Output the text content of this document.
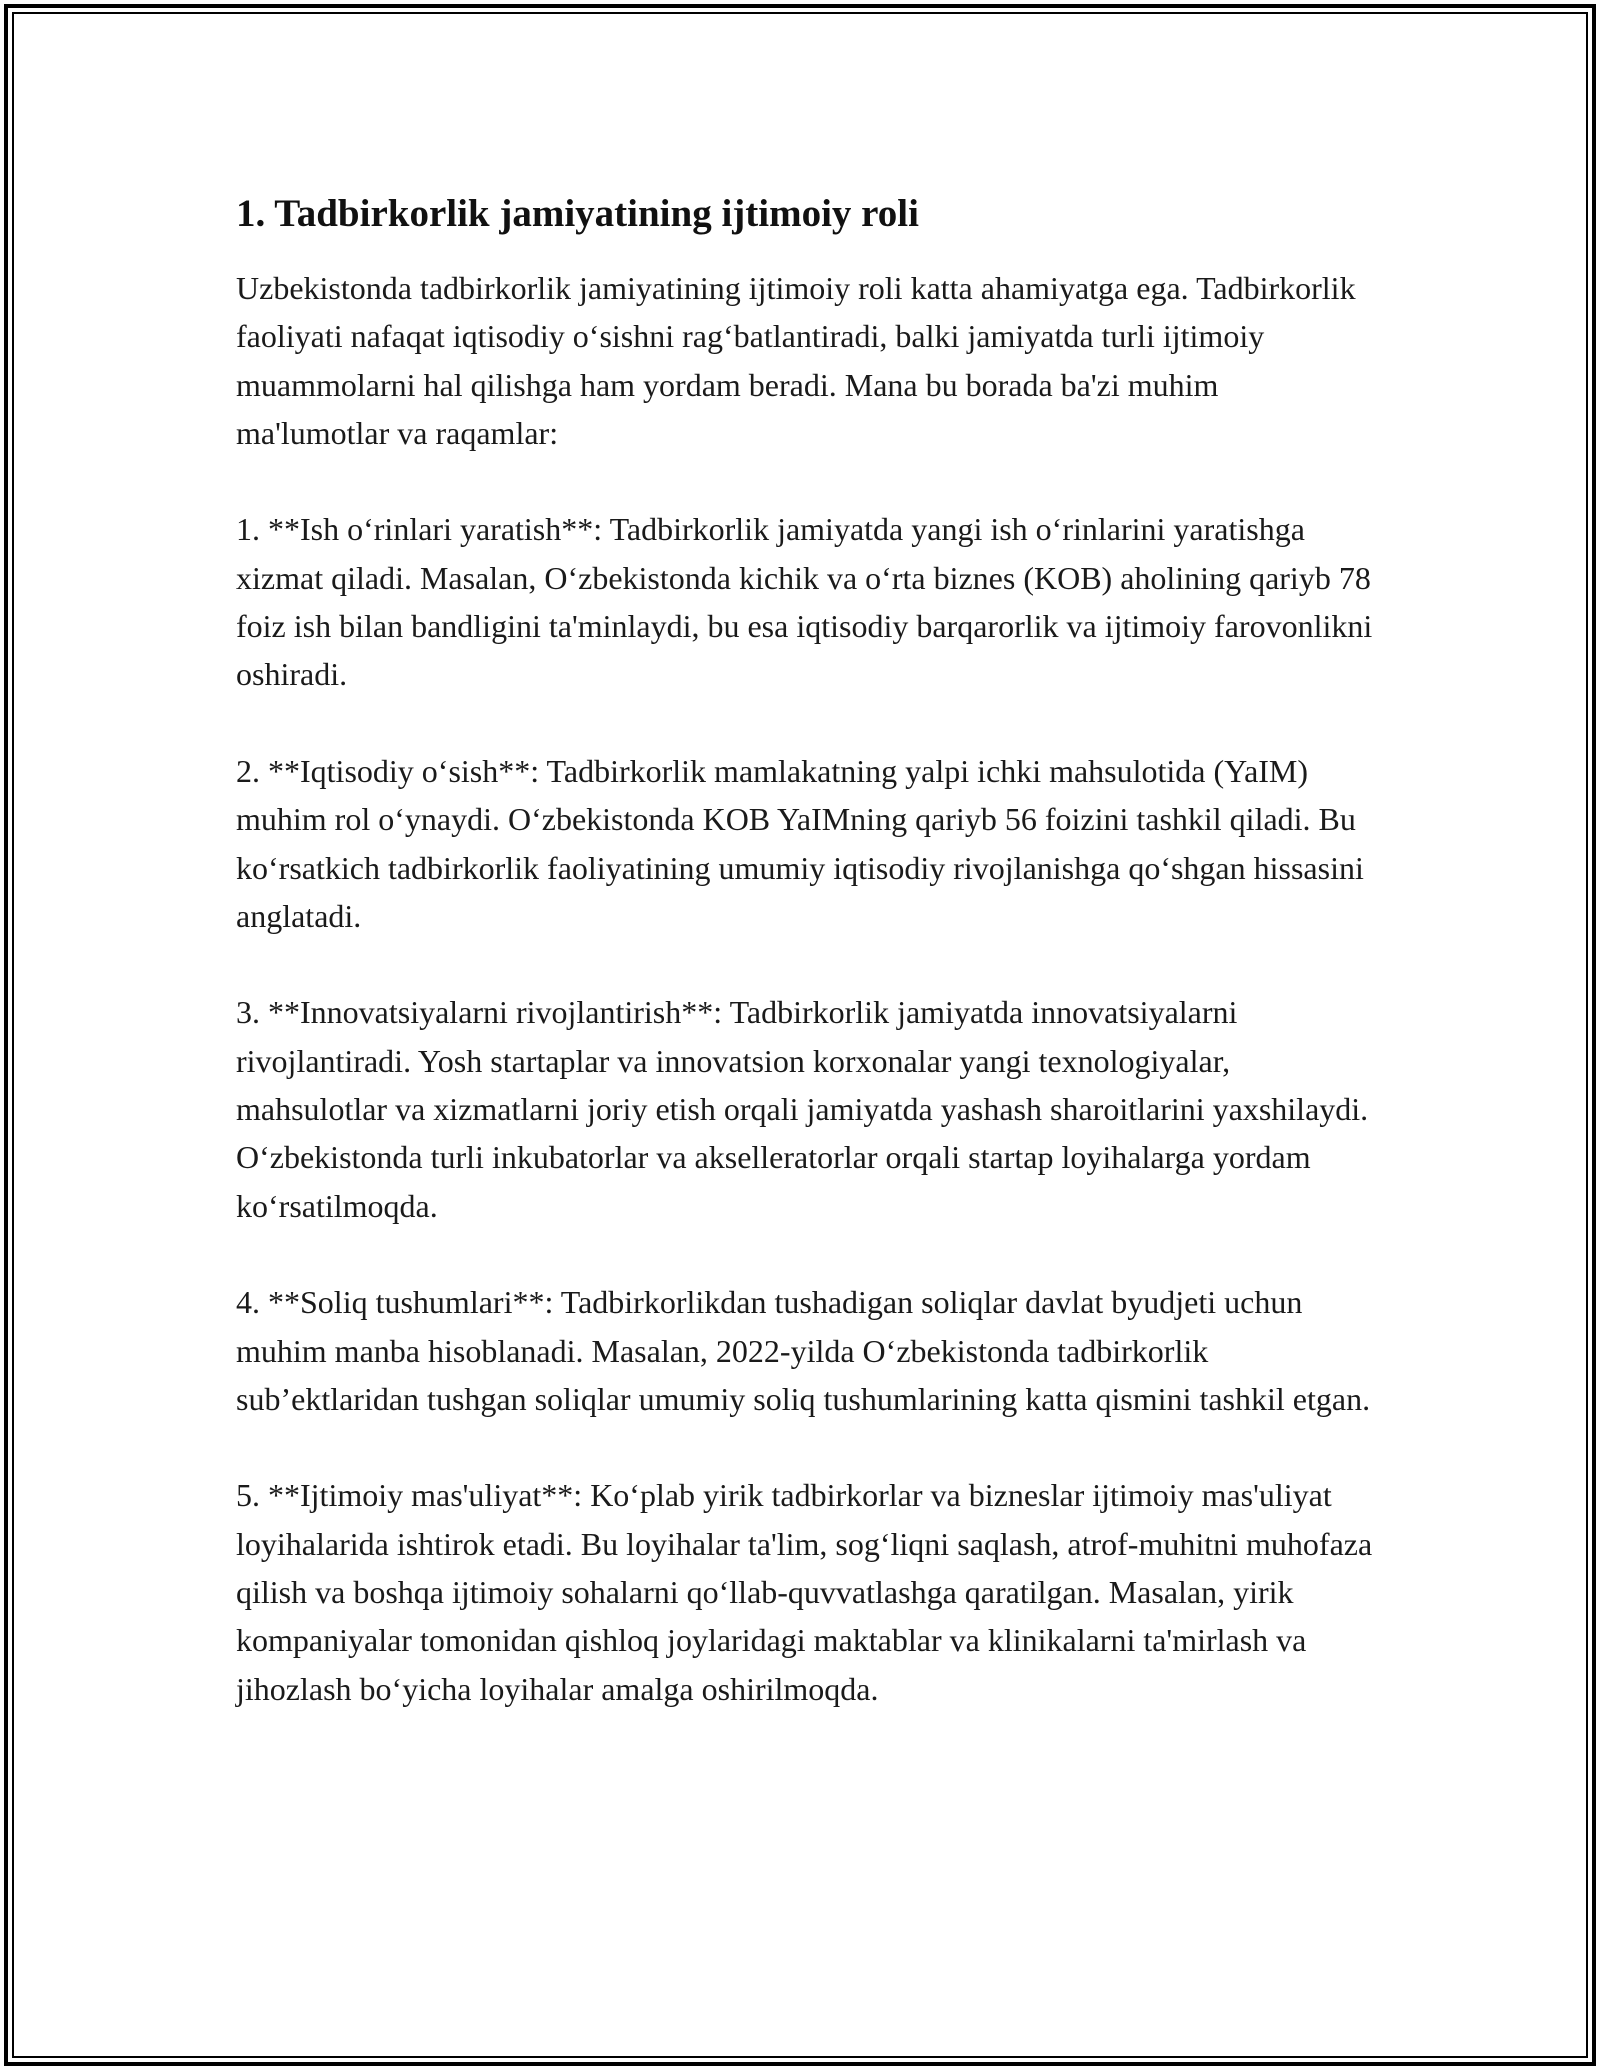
1. Tadbirkorlik jamiyatining ijtimoiy roli

Uzbekistonda tadbirkorlik jamiyatining ijtimoiy roli katta ahamiyatga ega. Tadbirkorlik faoliyati nafaqat iqtisodiy o‘sishni rag‘batlantiradi, balki jamiyatda turli ijtimoiy muammolarni hal qilishga ham yordam beradi. Mana bu borada ba'zi muhim ma'lumotlar va raqamlar:

1. **Ish o‘rinlari yaratish**: Tadbirkorlik jamiyatda yangi ish o‘rinlarini yaratishga xizmat qiladi. Masalan, O‘zbekistonda kichik va o‘rta biznes (KOB) aholining qariyb 78 foiz ish bilan bandligini ta'minlaydi, bu esa iqtisodiy barqarorlik va ijtimoiy farovonlikni oshiradi.

2. **Iqtisodiy o‘sish**: Tadbirkorlik mamlakatning yalpi ichki mahsulotida (YaIM) muhim rol o‘ynaydi. O‘zbekistonda KOB YaIMning qariyb 56 foizini tashkil qiladi. Bu ko‘rsatkich tadbirkorlik faoliyatining umumiy iqtisodiy rivojlanishga qo‘shgan hissasini anglatadi.

3. **Innovatsiyalarni rivojlantirish**: Tadbirkorlik jamiyatda innovatsiyalarni rivojlantiradi. Yosh startaplar va innovatsion korxonalar yangi texnologiyalar, mahsulotlar va xizmatlarni joriy etish orqali jamiyatda yashash sharoitlarini yaxshilaydi. O‘zbekistonda turli inkubatorlar va akselleratorlar orqali startap loyihalarga yordam ko‘rsatilmoqda.

4. **Soliq tushumlari**: Tadbirkorlikdan tushadigan soliqlar davlat byudjeti uchun muhim manba hisoblanadi. Masalan, 2022-yilda O‘zbekistonda tadbirkorlik sub’ektlaridan tushgan soliqlar umumiy soliq tushumlarining katta qismini tashkil etgan.

5. **Ijtimoiy mas'uliyat**: Ko‘plab yirik tadbirkorlar va bizneslar ijtimoiy mas'uliyat loyihalarida ishtirok etadi. Bu loyihalar ta'lim, sog‘liqni saqlash, atrof-muhitni muhofaza qilish va boshqa ijtimoiy sohalarni qo‘llab-quvvatlashga qaratilgan. Masalan, yirik kompaniyalar tomonidan qishloq joylaridagi maktablar va klinikalarni ta'mirlash va jihozlash bo‘yicha loyihalar amalga oshirilmoqda.
